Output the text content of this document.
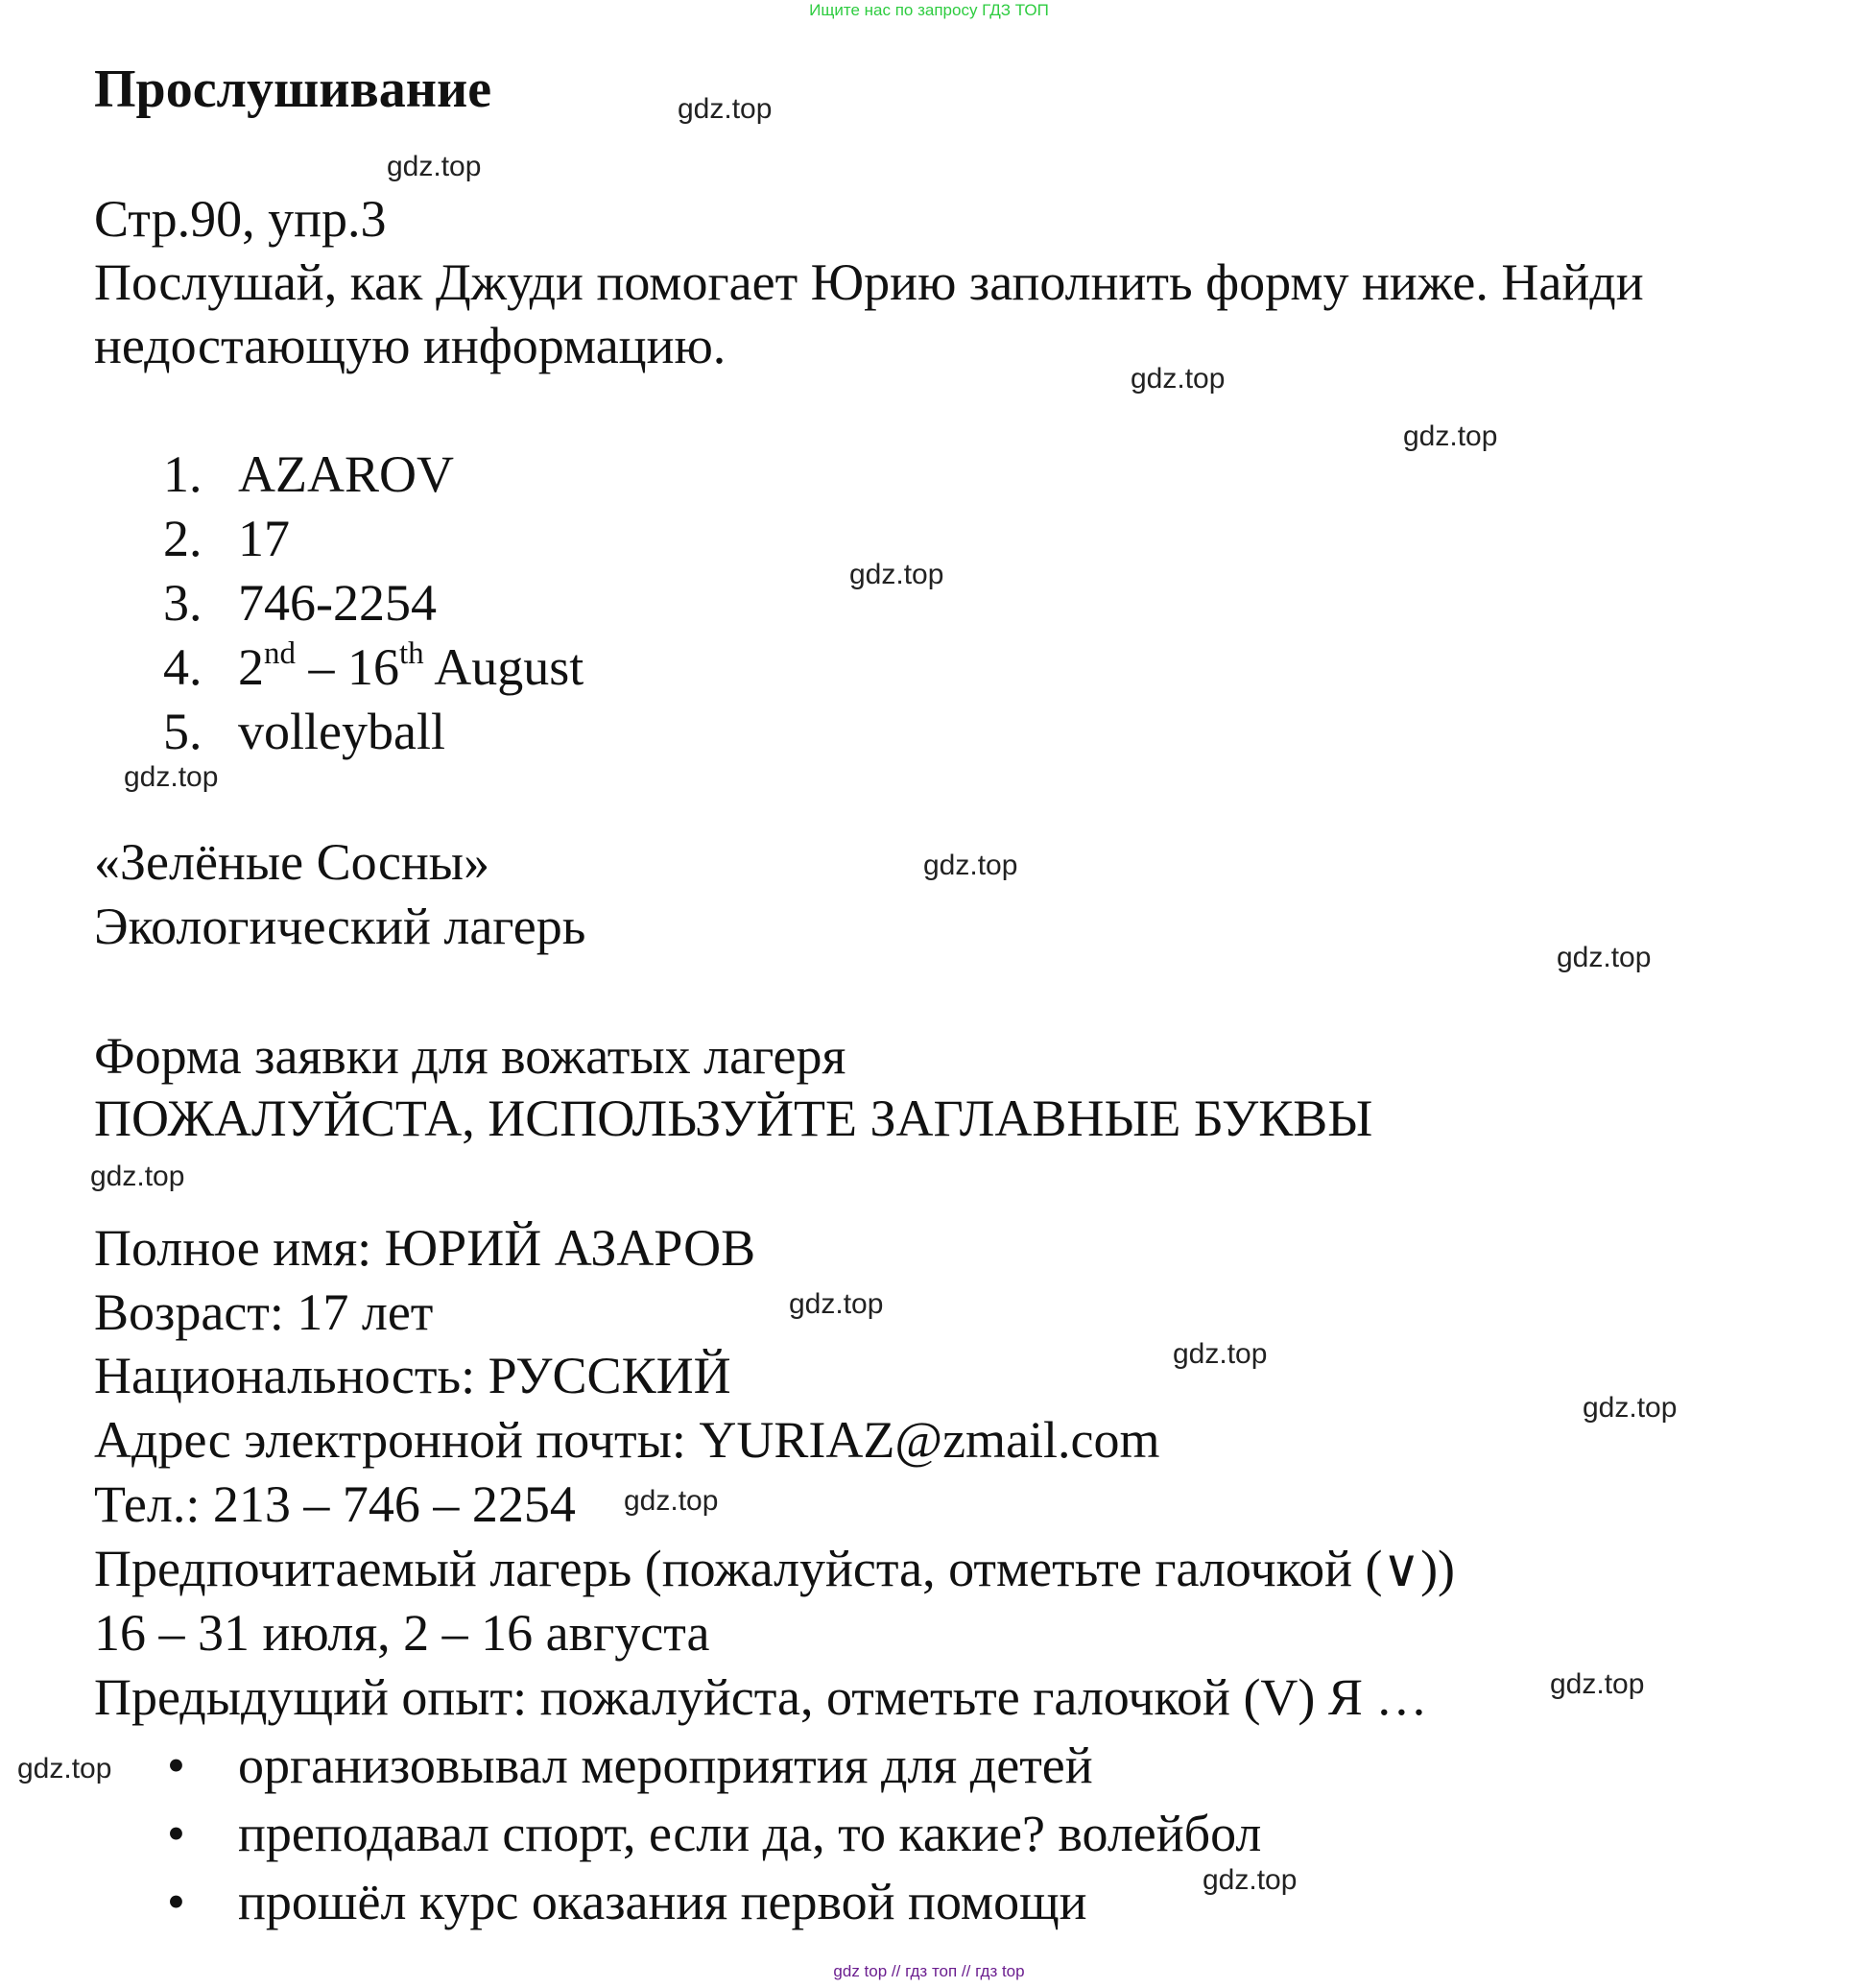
Ищите нас по запросу ГДЗ ТОП
Прослушивание
Стр.90, упр.3
Послушай, как Джуди помогает Юрию заполнить форму ниже. Найди
недостающую информацию.
1. AZAROV
2. 17
3. 746-2254
4. 2nd – 16th August
5. volleyball
«Зелёные Сосны»
Экологический лагерь
Форма заявки для вожатых лагеря
ПОЖАЛУЙСТА, ИСПОЛЬЗУЙТЕ ЗАГЛАВНЫЕ БУКВЫ
Полное имя: ЮРИЙ АЗАРОВ
Возраст: 17 лет
Национальность: РУССКИЙ
Адрес электронной почты: YURIAZ@zmail.com
Тел.: 213 – 746 – 2254
Предпочитаемый лагерь (пожалуйста, отметьте галочкой (∨))
16 – 31 июля, 2 – 16 августа
Предыдущий опыт: пожалуйста, отметьте галочкой (V) Я …
• организовывал мероприятия для детей
• преподавал спорт, если да, то какие? волейбол
• прошёл курс оказания первой помощи
gdz.top
gdz.top
gdz.top
gdz.top
gdz.top
gdz.top
gdz.top
gdz.top
gdz.top
gdz.top
gdz.top
gdz.top
gdz.top
gdz.top
gdz.top
gdz.top
gdz top // гдз топ // гдз top
